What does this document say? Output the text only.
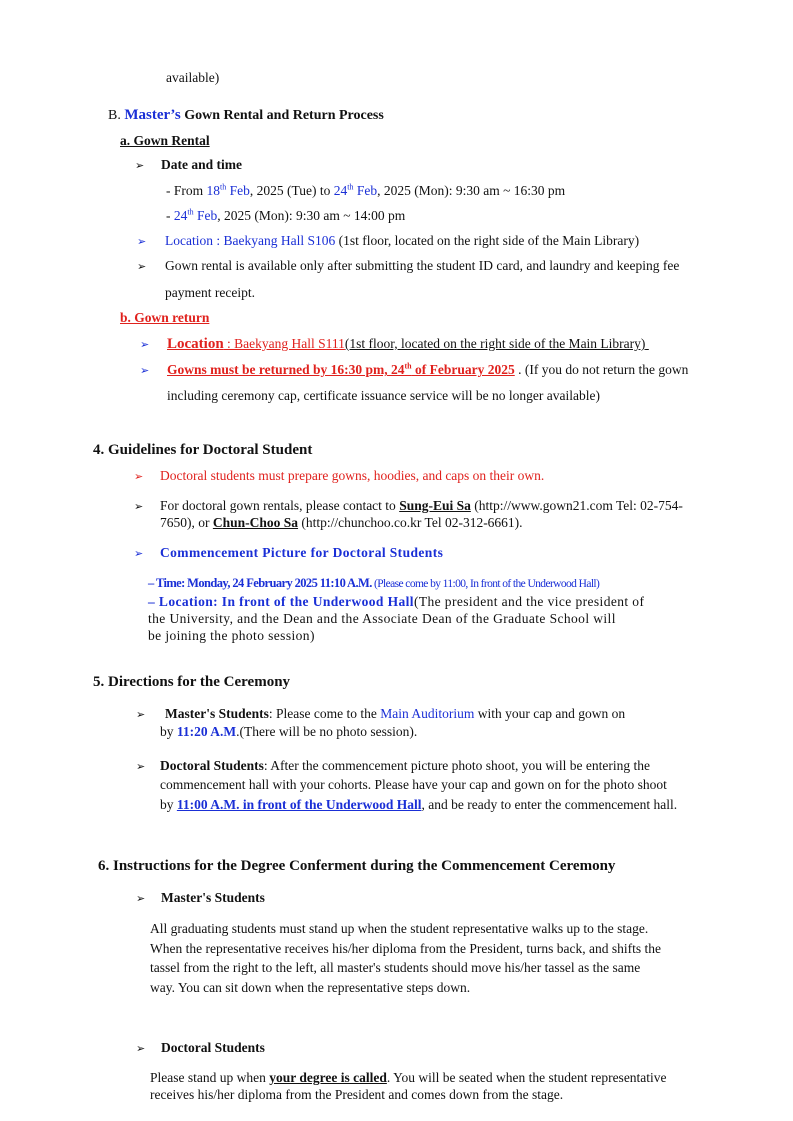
available)
B. Master’s Gown Rental and Return Process
a. Gown Rental
➢ Date and time
- From 18th Feb, 2025 (Tue) to 24th Feb, 2025 (Mon): 9:30 am ~ 16:30 pm
- 24th Feb, 2025 (Mon): 9:30 am ~ 14:00 pm
➢ Location : Baekyang Hall S106 (1st floor, located on the right side of the Main Library)
➢ Gown rental is available only after submitting the student ID card, and laundry and keeping fee
payment receipt.
b. Gown return
➢ Location : Baekyang Hall S111(1st floor, located on the right side of the Main Library)
➢ Gowns must be returned by 16:30 pm, 24th of February 2025 . (If you do not return the gown
including ceremony cap, certificate issuance service will be no longer available)
4. Guidelines for Doctoral Student
➢ Doctoral students must prepare gowns, hoodies, and caps on their own.
➢ For doctoral gown rentals, please contact to Sung-Eui Sa (http://www.gown21.com Tel: 02-754-
7650), or Chun-Choo Sa (http://chunchoo.co.kr Tel 02-312-6661).
➢ Commencement Picture for Doctoral Students
– Time: Monday, 24 February 2025 11:10 A.M. (Please come by 11:00, In front of the Underwood Hall)
– Location: In front of the Underwood Hall(The president and the vice president of
the University, and the Dean and the Associate Dean of the Graduate School will
be joining the photo session)
5. Directions for the Ceremony
➢ Master's Students: Please come to the Main Auditorium with your cap and gown on
by 11:20 A.M.(There will be no photo session).
➢ Doctoral Students: After the commencement picture photo shoot, you will be entering the
commencement hall with your cohorts. Please have your cap and gown on for the photo shoot
by 11:00 A.M. in front of the Underwood Hall, and be ready to enter the commencement hall.
6. Instructions for the Degree Conferment during the Commencement Ceremony
➢ Master's Students
All graduating students must stand up when the student representative walks up to the stage.
When the representative receives his/her diploma from the President, turns back, and shifts the
tassel from the right to the left, all master's students should move his/her tassel as the same
way. You can sit down when the representative steps down.
➢ Doctoral Students
Please stand up when your degree is called. You will be seated when the student representative
receives his/her diploma from the President and comes down from the stage.
